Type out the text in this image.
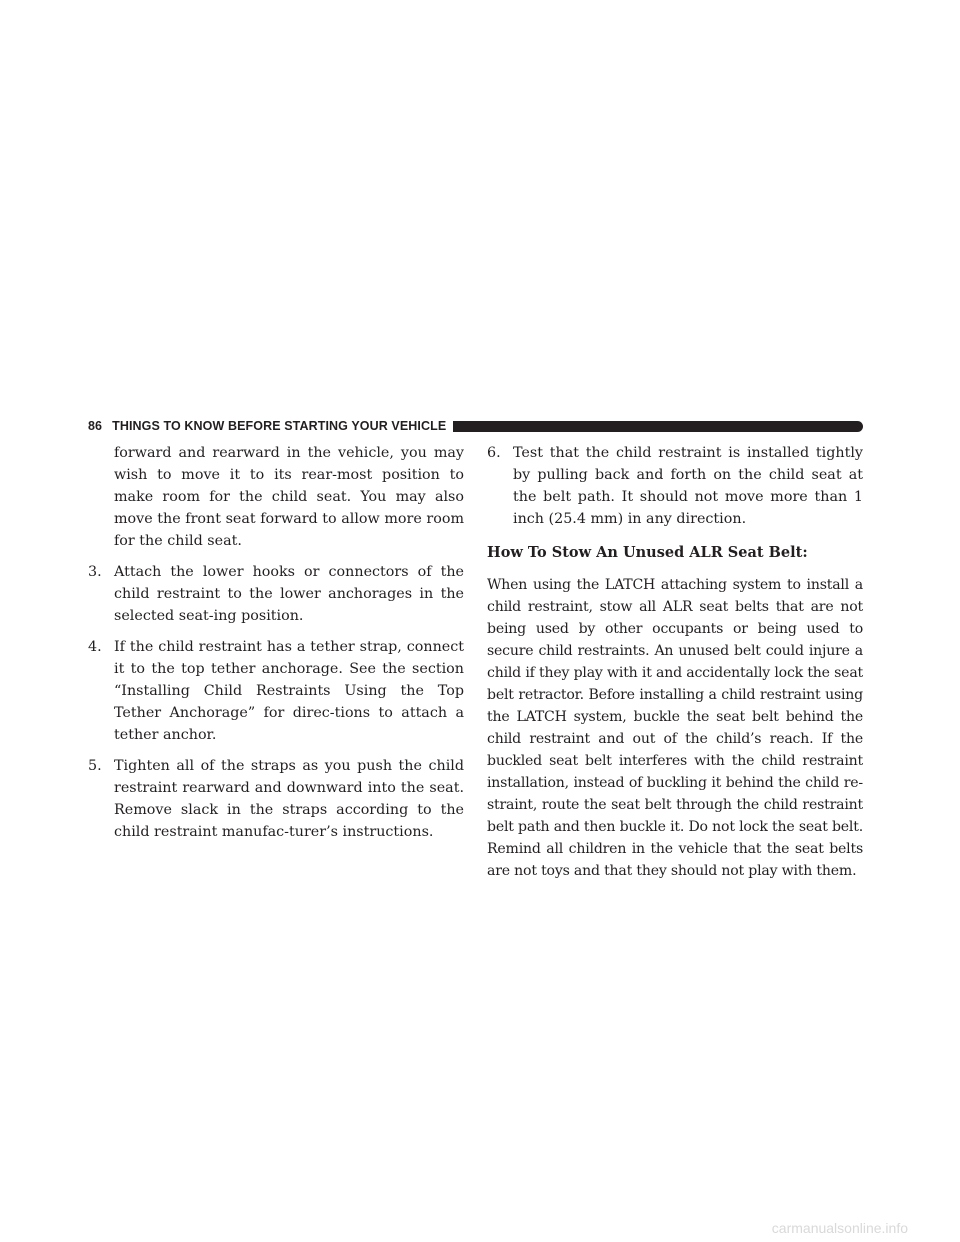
86 THINGS TO KNOW BEFORE STARTING YOUR VEHICLE

forward and rearward in the vehicle, you may wish to move it to its rear-most position to make room for the child seat. You may also move the front seat forward to allow more room for the child seat.

3. Attach the lower hooks or connectors of the child restraint to the lower anchorages in the selected seat-ing position.

4. If the child restraint has a tether strap, connect it to the top tether anchorage. See the section “Installing Child Restraints Using the Top Tether Anchorage” for direc-tions to attach a tether anchor.

5. Tighten all of the straps as you push the child restraint rearward and downward into the seat. Remove slack in the straps according to the child restraint manufac-turer’s instructions.

6. Test that the child restraint is installed tightly by pulling back and forth on the child seat at the belt path. It should not move more than 1 inch (25.4 mm) in any direction.

How To Stow An Unused ALR Seat Belt:

When using the LATCH attaching system to install a child restraint, stow all ALR seat belts that are not being used by other occupants or being used to secure child restraints. An unused belt could injure a child if they play with it and accidentally lock the seat belt retractor. Before installing a child restraint using the LATCH system, buckle the seat belt behind the child restraint and out of the child’s reach. If the buckled seat belt interferes with the child restraint installation, instead of buckling it behind the child re-straint, route the seat belt through the child restraint belt path and then buckle it. Do not lock the seat belt. Remind all children in the vehicle that the seat belts are not toys and that they should not play with them.

carmanualsonline.info
